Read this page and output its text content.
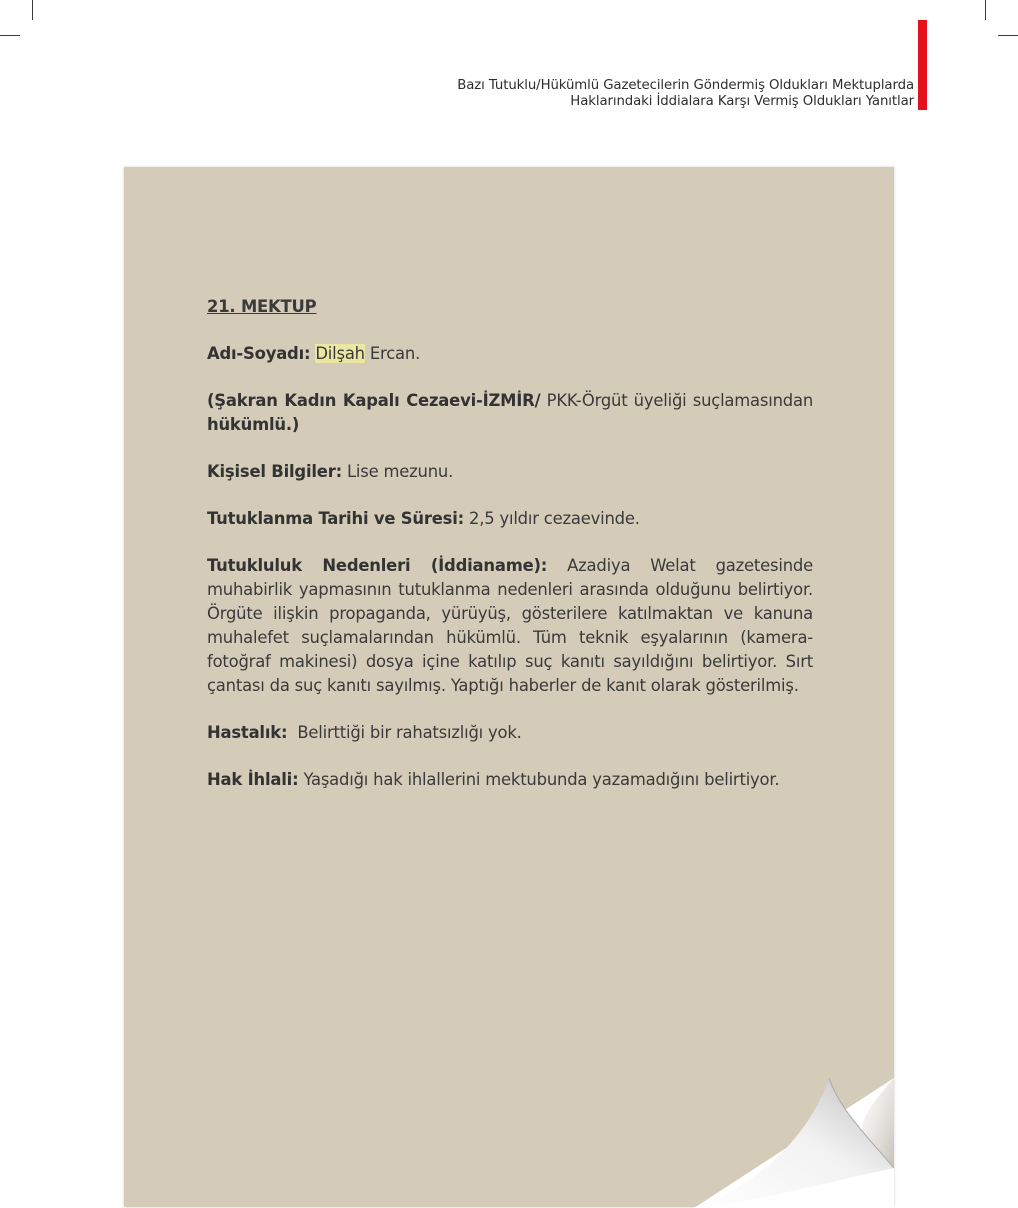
Bazı Tutuklu/Hükümlü Gazetecilerin Göndermiş Oldukları Mektuplarda
Haklarındaki İddialara Karşı Vermiş Oldukları Yanıtlar

21. MEKTUP

Adı-Soyadı: Dilşah Ercan.

(Şakran Kadın Kapalı Cezaevi-İZMİR/ PKK-Örgüt üyeliği suçlamasından hükümlü.)

Kişisel Bilgiler: Lise mezunu.

Tutuklanma Tarihi ve Süresi: 2,5 yıldır cezaevinde.

Tutukluluk Nedenleri (İddianame): Azadiya Welat gazetesinde muhabirlik yapmasının tutuklanma nedenleri arasında olduğunu belirtiyor. Örgüte ilişkin propaganda, yürüyüş, gösterilere katılmaktan ve kanuna muhalefet suçlamalarından hükümlü. Tüm teknik eşyalarının (kamera- fotoğraf makinesi) dosya içine katılıp suç kanıtı sayıldığını belirtiyor. Sırt çantası da suç kanıtı sayılmış. Yaptığı haberler de kanıt olarak gösterilmiş.

Hastalık:  Belirttiği bir rahatsızlığı yok.

Hak İhlali: Yaşadığı hak ihlallerini mektubunda yazamadığını belirtiyor.
